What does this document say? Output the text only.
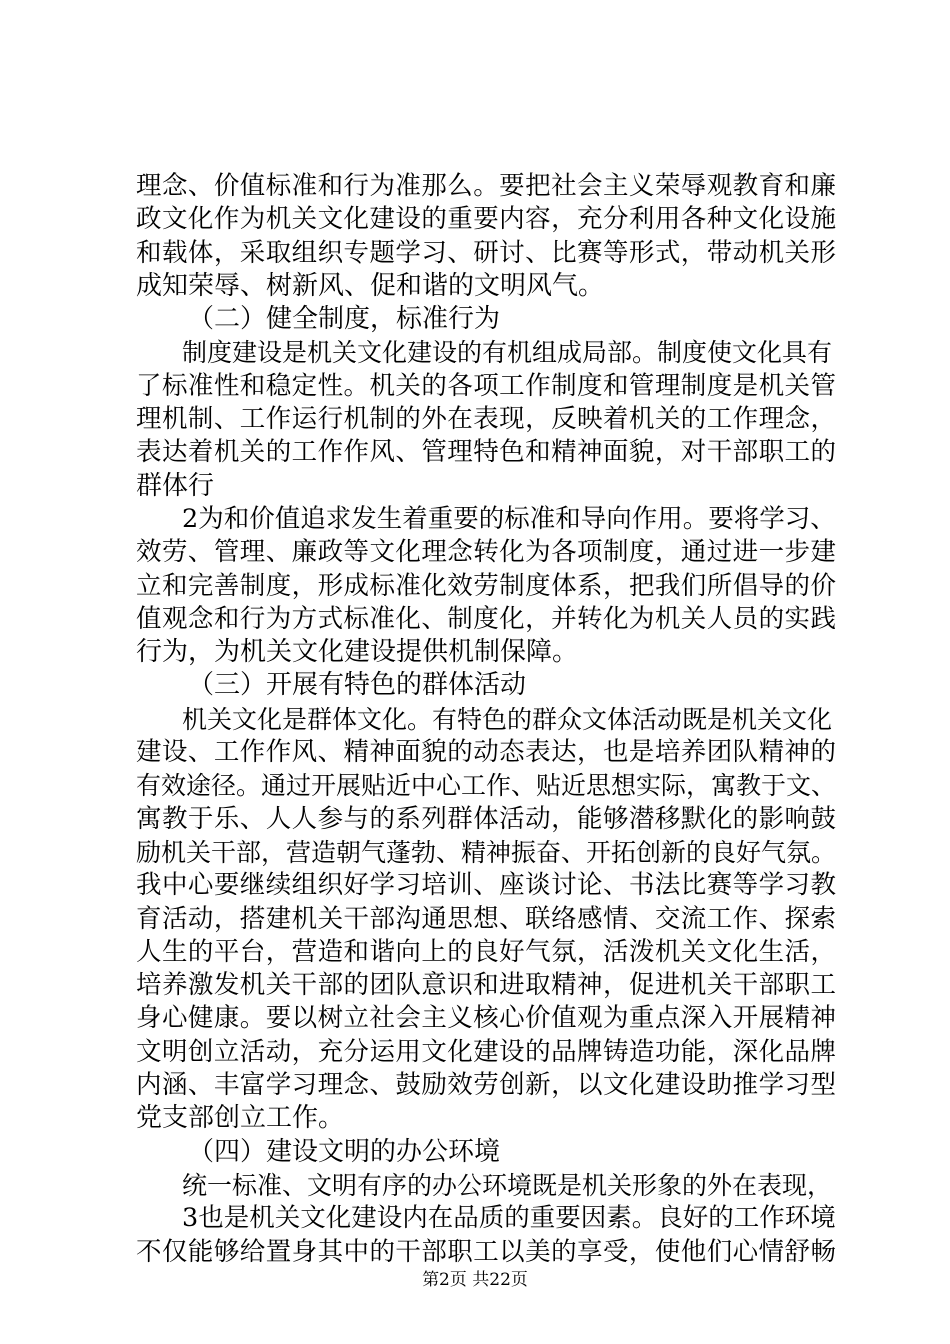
理念、价值标准和行为准那么。要把社会主义荣辱观教育和廉
政文化作为机关文化建设的重要内容，充分利用各种文化设施
和载体，采取组织专题学习、研讨、比赛等形式，带动机关形
成知荣辱、树新风、促和谐的文明风气。
（二）健全制度，标准行为
制度建设是机关文化建设的有机组成局部。制度使文化具有
了标准性和稳定性。机关的各项工作制度和管理制度是机关管
理机制、工作运行机制的外在表现，反映着机关的工作理念，
表达着机关的工作作风、管理特色和精神面貌，对干部职工的
群体行
2为和价值追求发生着重要的标准和导向作用。要将学习、
效劳、管理、廉政等文化理念转化为各项制度，通过进一步建
立和完善制度，形成标准化效劳制度体系，把我们所倡导的价
值观念和行为方式标准化、制度化，并转化为机关人员的实践
行为，为机关文化建设提供机制保障。
（三）开展有特色的群体活动
机关文化是群体文化。有特色的群众文体活动既是机关文化
建设、工作作风、精神面貌的动态表达，也是培养团队精神的
有效途径。通过开展贴近中心工作、贴近思想实际，寓教于文、
寓教于乐、人人参与的系列群体活动，能够潜移默化的影响鼓
励机关干部，营造朝气蓬勃、精神振奋、开拓创新的良好气氛。
我中心要继续组织好学习培训、座谈讨论、书法比赛等学习教
育活动，搭建机关干部沟通思想、联络感情、交流工作、探索
人生的平台，营造和谐向上的良好气氛，活泼机关文化生活，
培养激发机关干部的团队意识和进取精神，促进机关干部职工
身心健康。要以树立社会主义核心价值观为重点深入开展精神
文明创立活动，充分运用文化建设的品牌铸造功能，深化品牌
内涵、丰富学习理念、鼓励效劳创新，以文化建设助推学习型
党支部创立工作。
（四）建设文明的办公环境
统一标准、文明有序的办公环境既是机关形象的外在表现，
3也是机关文化建设内在品质的重要因素。良好的工作环境
不仅能够给置身其中的干部职工以美的享受，使他们心情舒畅
第2页 共22页
